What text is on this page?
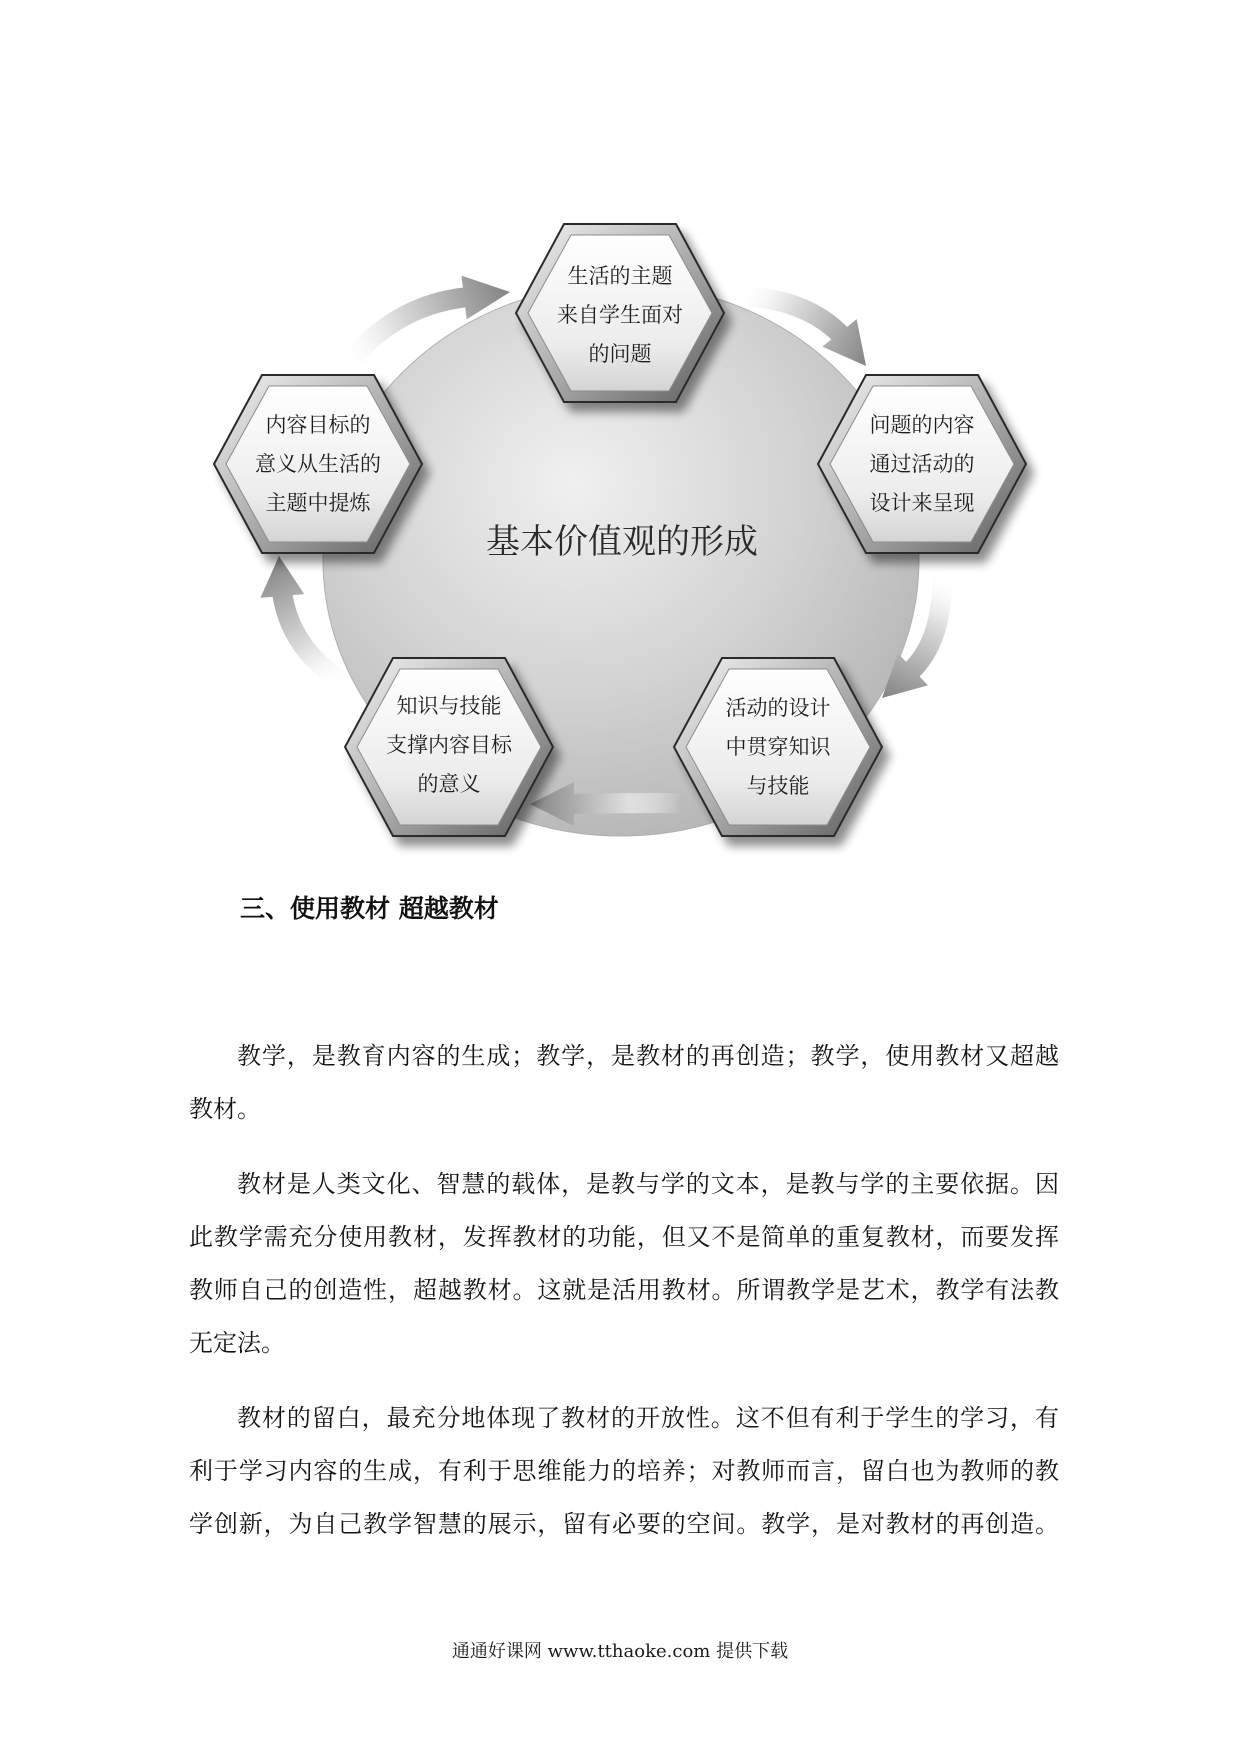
基本价值观的形成
生活的主题
来自学生面对
的问题
问题的内容
通过活动的
设计来呈现
活动的设计
中贯穿知识
与技能
知识与技能
支撑内容目标
的意义
内容目标的
意义从生活的
主题中提炼
三、使用教材 超越教材
教学，是教育内容的生成；教学，是教材的再创造；教学，使用教材又超越
教材。
教材是人类文化、智慧的载体，是教与学的文本，是教与学的主要依据。因
此教学需充分使用教材，发挥教材的功能，但又不是简单的重复教材，而要发挥
教师自己的创造性，超越教材。这就是活用教材。所谓教学是艺术，教学有法教
无定法。
教材的留白，最充分地体现了教材的开放性。这不但有利于学生的学习，有
利于学习内容的生成，有利于思维能力的培养；对教师而言，留白也为教师的教
学创新，为自己教学智慧的展示，留有必要的空间。教学，是对教材的再创造。
通通好课网 www.tthaoke.com 提供下载
